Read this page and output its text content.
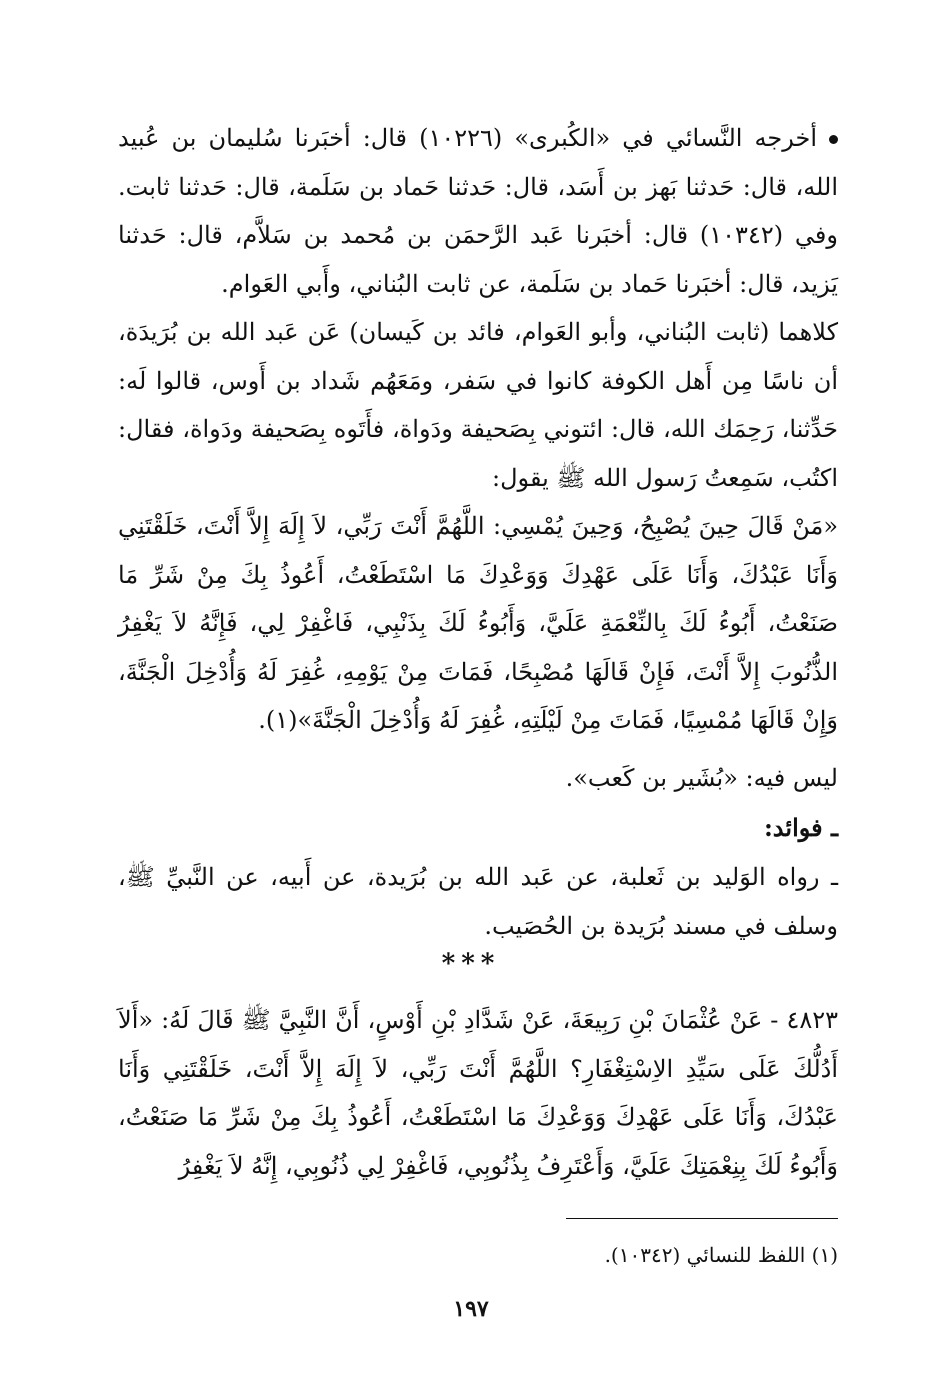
أخرجه النَّسائي في «الكُبرى» (١٠٢٢٦) قال: أخبَرنا سُليمان بن عُبيد الله، قال: حَدثنا بَهز بن أَسَد، قال: حَدثنا حَماد بن سَلَمة، قال: حَدثنا ثابت. وفي (١٠٣٤٢) قال: أخبَرنا عَبد الرَّحمَن بن مُحمد بن سَلاَّم، قال: حَدثنا يَزيد، قال: أخبَرنا حَماد بن سَلَمة، عن ثابت البُناني، وأَبي العَوام.
كلاهما (ثابت البُناني، وأبو العَوام، فائد بن كَيسان) عَن عَبد الله بن بُرَيدَة، أن ناسًا مِن أَهل الكوفة كانوا في سَفر، ومَعَهُم شَداد بن أَوس، قالوا لَه: حَدِّثنا، رَحِمَك الله، قال: ائتوني بِصَحيفة ودَواة، فأَتَوه بِصَحيفة ودَواة، فقال: اكتُب، سَمِعتُ رَسول الله ﷺ يقول:
«مَنْ قَالَ حِينَ يُصْبِحُ، وَحِينَ يُمْسِي: اللَّهُمَّ أَنْتَ رَبِّي، لاَ إِلَهَ إِلاَّ أَنْتَ، خَلَقْتَنِي وَأَنَا عَبْدُكَ، وَأَنَا عَلَى عَهْدِكَ وَوَعْدِكَ مَا اسْتَطَعْتُ، أَعُوذُ بِكَ مِنْ شَرِّ مَا صَنَعْتُ، أَبُوءُ لَكَ بِالنِّعْمَةِ عَلَيَّ، وَأَبُوءُ لَكَ بِذَنْبِي، فَاغْفِرْ لِي، فَإِنَّهُ لاَ يَغْفِرُ الذُّنُوبَ إِلاَّ أَنْتَ، فَإِنْ قَالَهَا مُصْبِحًا، فَمَاتَ مِنْ يَوْمِهِ، غُفِرَ لَهُ وَأُدْخِلَ الْجَنَّةَ، وَإِنْ قَالَهَا مُمْسِيًا، فَمَاتَ مِنْ لَيْلَتِهِ، غُفِرَ لَهُ وَأُدْخِلَ الْجَنَّةَ»(١).
ليس فيه: «بُشَير بن كَعب».
ـ فوائد:
ـ رواه الوَليد بن ثَعلبة، عن عَبد الله بن بُرَيدة، عن أَبيه، عن النَّبيِّ ﷺ، وسلف في مسند بُرَيدة بن الحُصَيب.
***
٤٨٢٣ - عَنْ عُثْمَانَ بْنِ رَبِيعَةَ، عَنْ شَدَّادِ بْنِ أَوْسٍ، أَنَّ النَّبِيَّ ﷺ قَالَ لَهُ: «أَلاَ أَدُلُّكَ عَلَى سَيِّدِ الاِسْتِغْفَارِ؟ اللَّهُمَّ أَنْتَ رَبِّي، لاَ إِلَهَ إِلاَّ أَنْتَ، خَلَقْتَنِي وَأَنَا عَبْدُكَ، وَأَنَا عَلَى عَهْدِكَ وَوَعْدِكَ مَا اسْتَطَعْتُ، أَعُوذُ بِكَ مِنْ شَرِّ مَا صَنَعْتُ، وَأَبُوءُ لَكَ بِنِعْمَتِكَ عَلَيَّ، وَأَعْتَرِفُ بِذُنُوبِي، فَاغْفِرْ لِي ذُنُوبِي، إِنَّهُ لاَ يَغْفِرُ
(١) اللفظ للنسائي (١٠٣٤٢).
١٩٧
